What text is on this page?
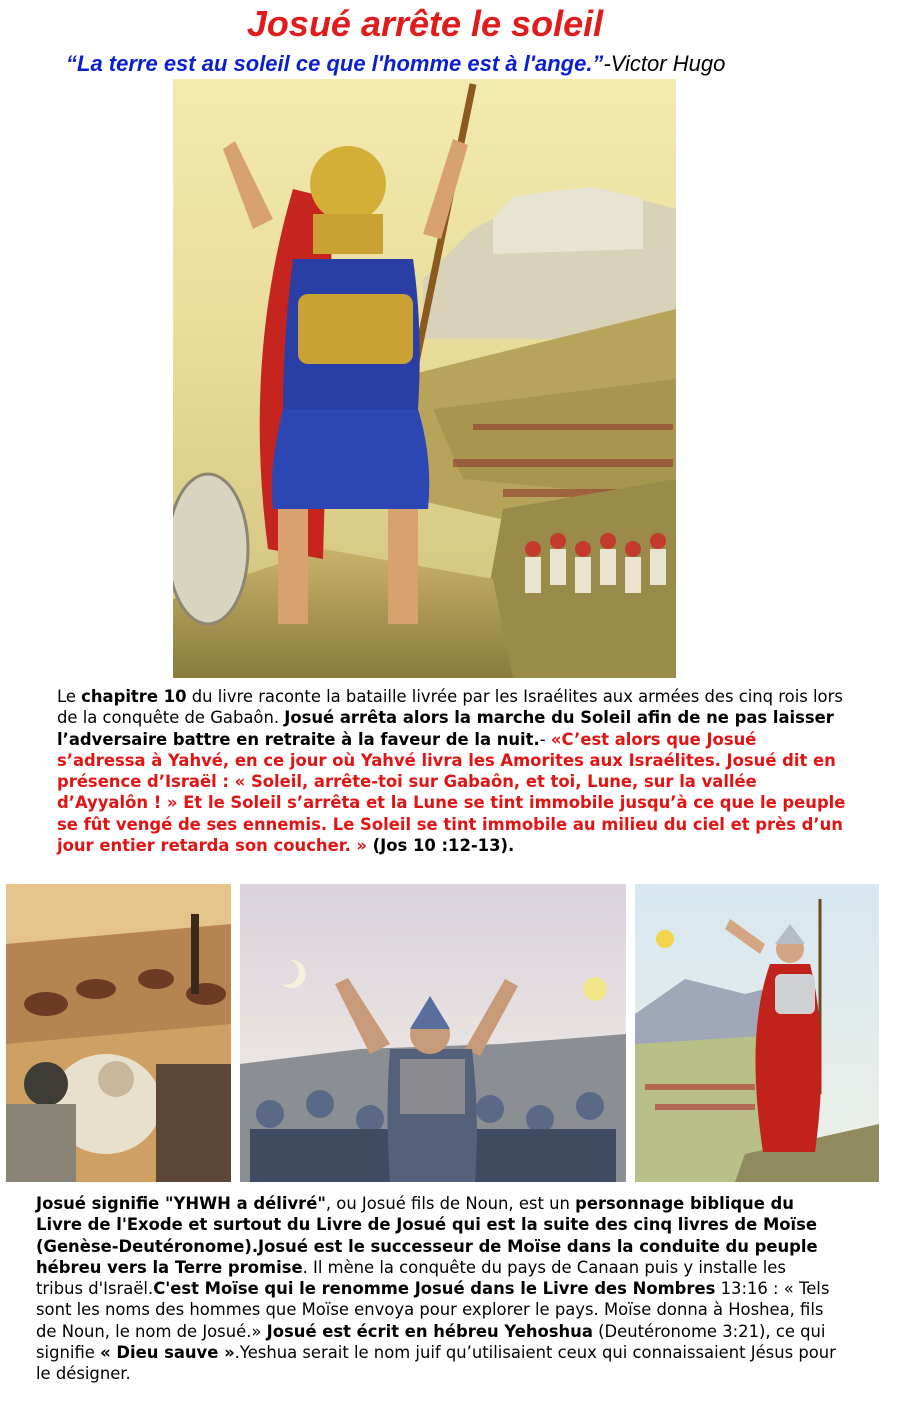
Josué arrête le soleil
“La terre est au soleil ce que l'homme est à l'ange.”-Victor Hugo

Le chapitre 10 du livre raconte la bataille livrée par les Israélites aux armées des cinq rois lors de la conquête de Gabaôn. Josué arrêta alors la marche du Soleil afin de ne pas laisser l’adversaire battre en retraite à la faveur de la nuit.- «C’est alors que Josué s’adressa à Yahvé, en ce jour où Yahvé livra les Amorites aux Israélites. Josué dit en présence d’Israël : « Soleil, arrête-toi sur Gabaôn, et toi, Lune, sur la vallée d’Ayyalôn ! » Et le Soleil s’arrêta et la Lune se tint immobile jusqu’à ce que le peuple se fût vengé de ses ennemis. Le Soleil se tint immobile au milieu du ciel et près d’un jour entier retarda son coucher. » (Jos 10 :12-13).

Josué signifie "YHWH a délivré", ou Josué fils de Noun, est un personnage biblique du Livre de l'Exode et surtout du Livre de Josué qui est la suite des cinq livres de Moïse (Genèse-Deutéronome).Josué est le successeur de Moïse dans la conduite du peuple hébreu vers la Terre promise. Il mène la conquête du pays de Canaan puis y installe les tribus d'Israël.C'est Moïse qui le renomme Josué dans le Livre des Nombres 13:16 : « Tels sont les noms des hommes que Moïse envoya pour explorer le pays. Moïse donna à Hoshea, fils de Noun, le nom de Josué.» Josué est écrit en hébreu Yehoshua (Deutéronome 3:21), ce qui signifie « Dieu sauve ».Yeshua serait le nom juif qu’utilisaient ceux qui connaissaient Jésus pour le désigner.
